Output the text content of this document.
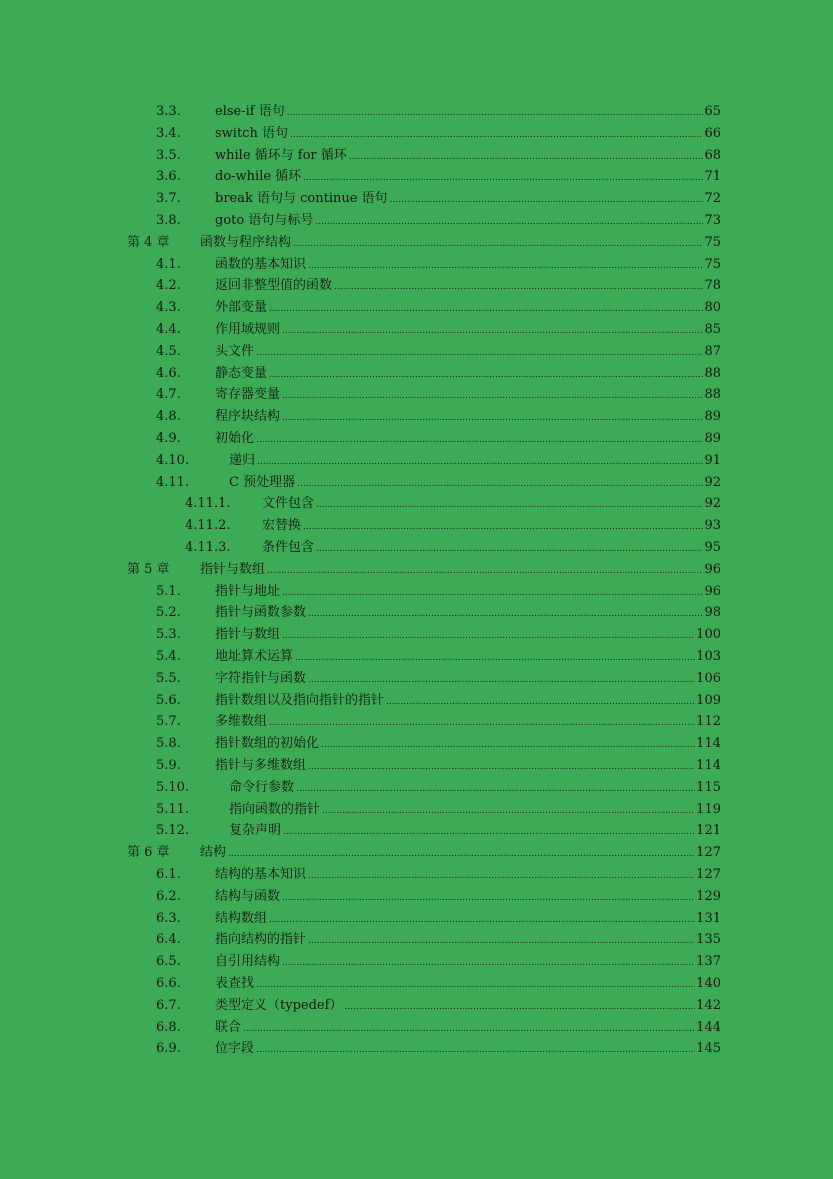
3.3.	else-if 语句 .....	65
3.4.	switch 语句 .....	66
3.5.	while 循环与 for 循环 .....	68
3.6.	do-while 循环 .....	71
3.7.	break 语句与 continue 语句 .....	72
3.8.	goto 语句与标号 .....	73
第 4 章 函数与程序结构 .....	75
4.1.	函数的基本知识 .....	75
4.2.	返回非整型值的函数 .....	78
4.3.	外部变量 .....	80
4.4.	作用域规则 .....	85
4.5.	头文件 .....	87
4.6.	静态变量 .....	88
4.7.	寄存器变量 .....	88
4.8.	程序块结构 .....	89
4.9.	初始化 .....	89
4.10.	递归 .....	91
4.11.	C 预处理器 .....	92
4.11.1. 文件包含 .....	92
4.11.2. 宏替换 .....	93
4.11.3. 条件包含 .....	95
第 5 章 指针与数组 .....	96
5.1.	指针与地址 .....	96
5.2.	指针与函数参数 .....	98
5.3.	指针与数组 .....	100
5.4.	地址算术运算 .....	103
5.5.	字符指针与函数 .....	106
5.6.	指针数组以及指向指针的指针 .....	109
5.7.	多维数组 .....	112
5.8.	指针数组的初始化 .....	114
5.9.	指针与多维数组 .....	114
5.10.	命令行参数 .....	115
5.11.	指向函数的指针 .....	119
5.12.	复杂声明 .....	121
第 6 章 结构 .....	127
6.1.	结构的基本知识 .....	127
6.2.	结构与函数 .....	129
6.3.	结构数组 .....	131
6.4.	指向结构的指针 .....	135
6.5.	自引用结构 .....	137
6.6.	表查找 .....	140
6.7.	类型定义（typedef） .....	142
6.8.	联合 .....	144
6.9.	位字段 .....	145
